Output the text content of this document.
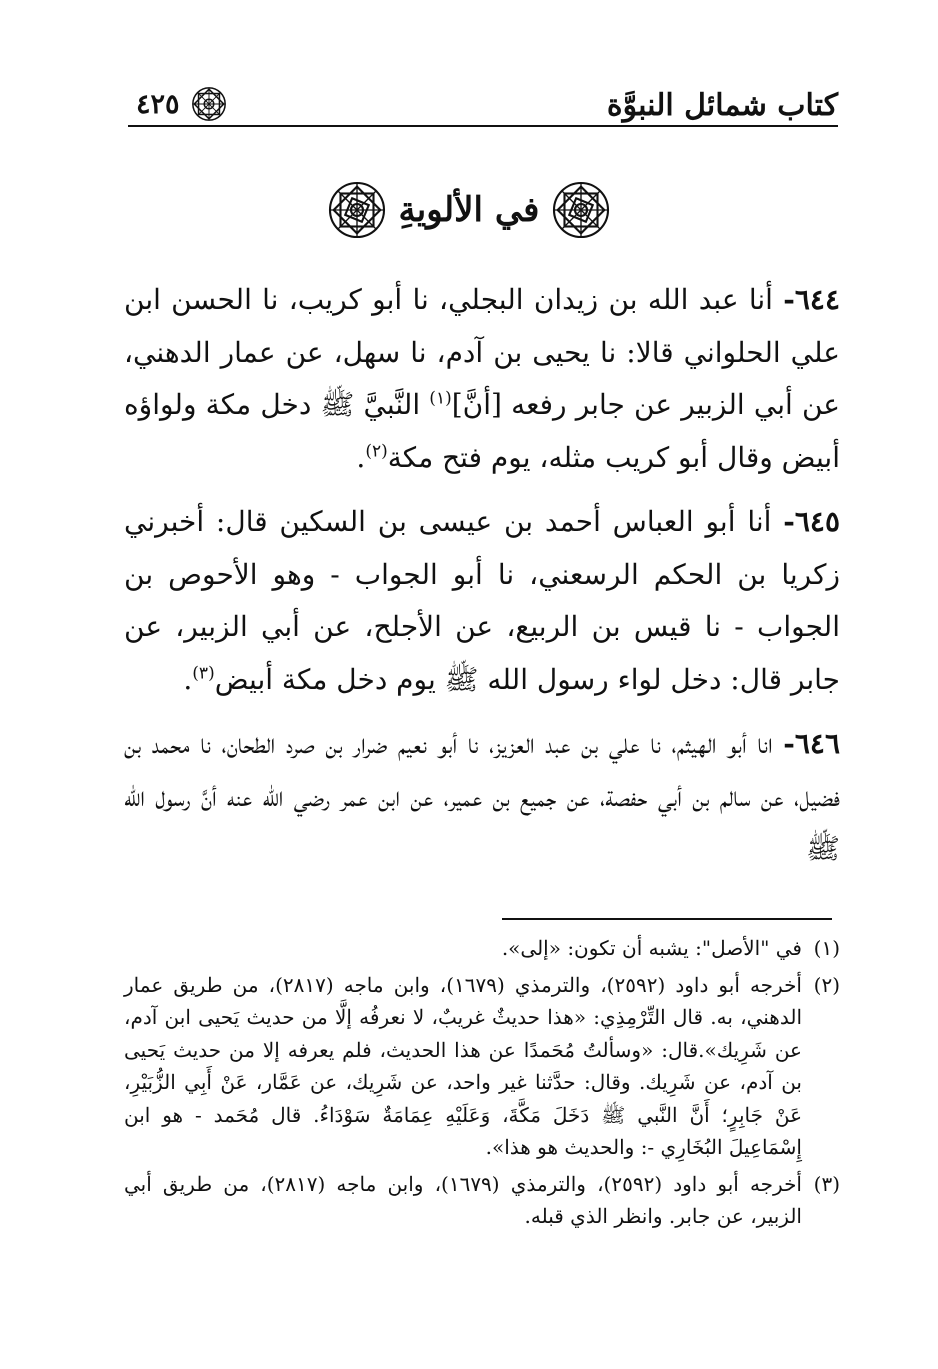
كتاب شمائل النبوَّة
٤٢٥
في الألويةِ

٦٤٤- أنا عبد الله بن زيدان البجلي، نا أبو كريب، نا الحسن ابن علي الحلواني قالا: نا يحيى بن آدم، نا سهل، عن عمار الدهني، عن أبي الزبير عن جابر رفعه [أنَّ]$^{(١)}$ النَّبيَّ ﷺ دخل مكة ولواؤه أبيض وقال أبو كريب مثله، يوم فتح مكة$^{(٢)}$.

٦٤٥- أنا أبو العباس أحمد بن عيسى بن السكين قال: أخبرني زكريا بن الحكم الرسعني، نا أبو الجواب - وهو الأحوص بن الجواب - نا قيس بن الربيع، عن الأجلح، عن أبي الزبير، عن جابر قال: دخل لواء رسول الله ﷺ يوم دخل مكة أبيض$^{(٣)}$.

٦٤٦- انا أبو الهيثم، نا علي بن عبد العزيز، نا أبو نعيم ضرار بن صرد الطحان، نا محمد بن فضيل، عن سالم بن أبي حفصة، عن جميع بن عمير، عن ابن عمر رضي الله عنه أنَّ رسول الله ﷺ

(١)
في "الأصل": يشبه أن تكون: «إلى».
(٢)
أخرجه أبو داود (٢٥٩٢)، والترمذي (١٦٧٩)، وابن ماجه (٢٨١٧)، من طريق عمار الدهني، به. قال التِّرْمِذِي: «هذا حديثٌ غريبٌ، لا نعرفُه إلَّا من حديث يَحيى ابن آدم، عن شَرِيك».قال: «وسألتُ مُحَمدًا عن هذا الحديث، فلم يعرفه إلا من حديث يَحيى بن آدم، عن شَرِيك. وقال: حدَّثنا غير واحد، عن شَرِيك، عن عَمَّار، عَنْ أَبِي الزُّبَيْرِ، عَنْ جَابِرٍ؛ أَنَّ النَّبي ﷺ دَخَلَ مَكَّةَ، وَعَلَيْهِ عِمَامَةٌ سَوْدَاءُ. قال مُحَمد - هو ابن إِسْمَاعِيلَ البُخَارِي -: والحديث هو هذا».
(٣)
أخرجه أبو داود (٢٥٩٢)، والترمذي (١٦٧٩)، وابن ماجه (٢٨١٧)، من طريق أبي الزبير، عن جابر. وانظر الذي قبله.
